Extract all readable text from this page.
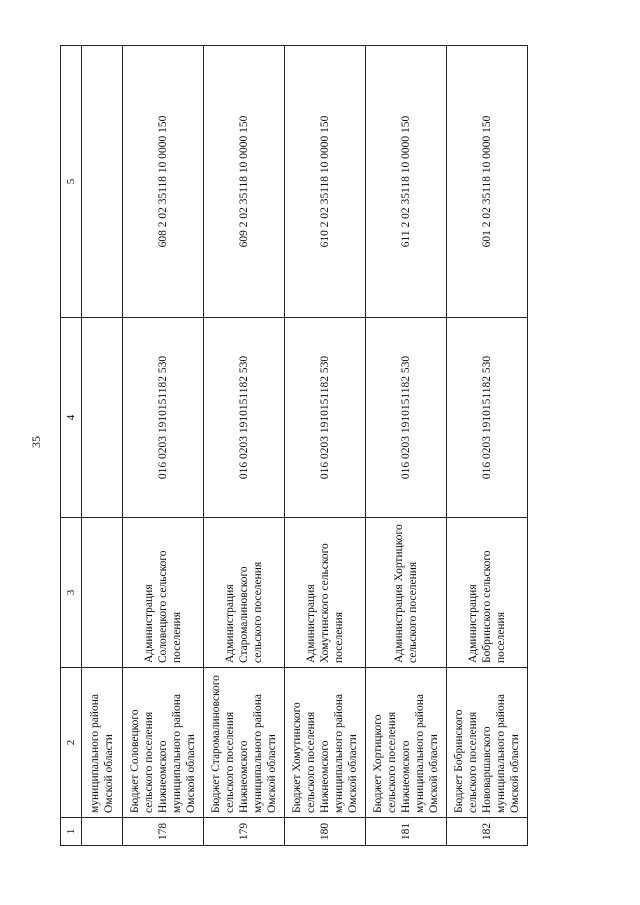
35
1	2	3	4	5
	муниципального района Омской области			
178	Бюджет Соловецкого сельского поселения Нижнеомского муниципального района Омской области	Администрация Соловецкого сельского поселения	016 0203 1910151182 530	608 2 02 35118 10 0000 150
179	Бюджет Старомалиновского сельского поселения Нижнеомского муниципального района Омской области	Администрация Старомалиновского сельского поселения	016 0203 1910151182 530	609 2 02 35118 10 0000 150
180	Бюджет Хомутинского сельского поселения Нижнеомского муниципального района Омской области	Администрация Хомутинского сельского поселения	016 0203 1910151182 530	610 2 02 35118 10 0000 150
181	Бюджет Хортицкого сельского поселения Нижнеомского муниципального района Омской области	Администрация Хортицкого сельского поселения	016 0203 1910151182 530	611 2 02 35118 10 0000 150
182	Бюджет Бобринского сельского поселения Нововаршавского муниципального района Омской области	Администрация Бобринского сельского поселения	016 0203 1910151182 530	601 2 02 35118 10 0000 150
